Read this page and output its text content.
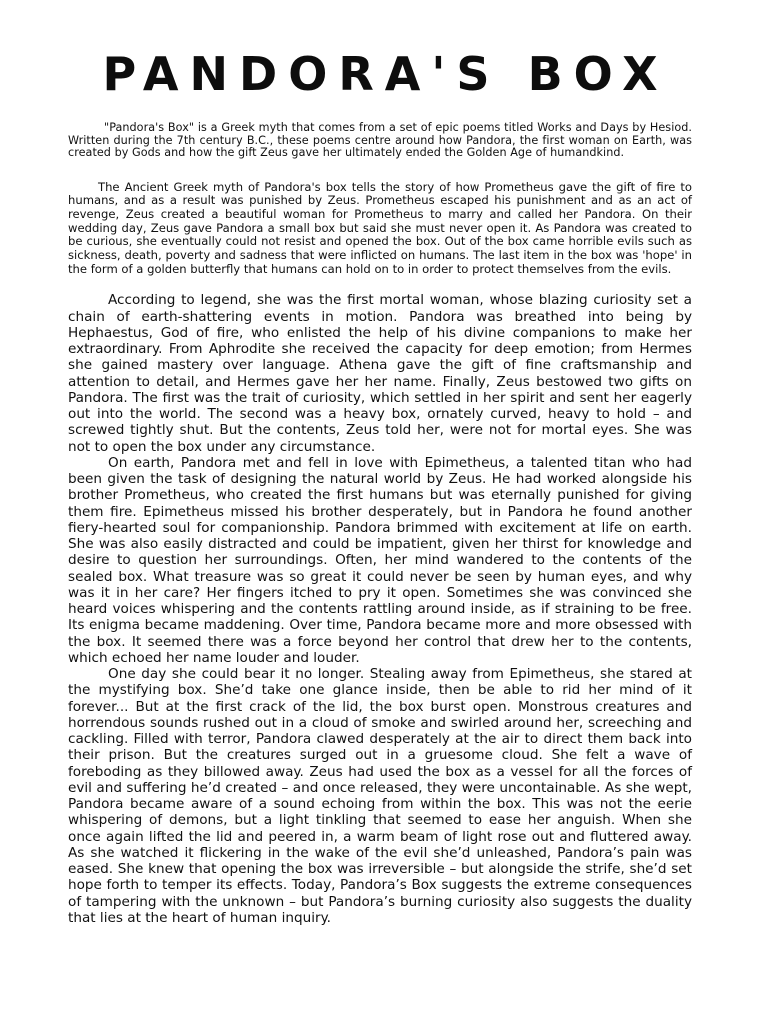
PANDORA'S BOX

"Pandora's Box" is a Greek myth that comes from a set of epic poems titled Works and Days by Hesiod. Written during the 7th century B.C., these poems centre around how Pandora, the first woman on Earth, was created by Gods and how the gift Zeus gave her ultimately ended the Golden Age of humandkind.

The Ancient Greek myth of Pandora's box tells the story of how Prometheus gave the gift of fire to humans, and as a result was punished by Zeus. Prometheus escaped his punishment and as an act of revenge, Zeus created a beautiful woman for Prometheus to marry and called her Pandora. On their wedding day, Zeus gave Pandora a small box but said she must never open it. As Pandora was created to be curious, she eventually could not resist and opened the box. Out of the box came horrible evils such as sickness, death, poverty and sadness that were inflicted on humans. The last item in the box was 'hope' in the form of a golden butterfly that humans can hold on to in order to protect themselves from the evils.

According to legend, she was the first mortal woman, whose blazing curiosity set a chain of earth-shattering events in motion. Pandora was breathed into being by Hephaestus, God of fire, who enlisted the help of his divine companions to make her extraordinary. From Aphrodite she received the capacity for deep emotion; from Hermes she gained mastery over language. Athena gave the gift of fine craftsmanship and attention to detail, and Hermes gave her her name. Finally, Zeus bestowed two gifts on Pandora. The first was the trait of curiosity, which settled in her spirit and sent her eagerly out into the world. The second was a heavy box, ornately curved, heavy to hold – and screwed tightly shut. But the contents, Zeus told her, were not for mortal eyes. She was not to open the box under any circumstance.

On earth, Pandora met and fell in love with Epimetheus, a talented titan who had been given the task of designing the natural world by Zeus. He had worked alongside his brother Prometheus, who created the first humans but was eternally punished for giving them fire. Epimetheus missed his brother desperately, but in Pandora he found another fiery-hearted soul for companionship. Pandora brimmed with excitement at life on earth. She was also easily distracted and could be impatient, given her thirst for knowledge and desire to question her surroundings. Often, her mind wandered to the contents of the sealed box. What treasure was so great it could never be seen by human eyes, and why was it in her care? Her fingers itched to pry it open. Sometimes she was convinced she heard voices whispering and the contents rattling around inside, as if straining to be free. Its enigma became maddening. Over time, Pandora became more and more obsessed with the box. It seemed there was a force beyond her control that drew her to the contents, which echoed her name louder and louder.

One day she could bear it no longer. Stealing away from Epimetheus, she stared at the mystifying box. She’d take one glance inside, then be able to rid her mind of it forever... But at the first crack of the lid, the box burst open. Monstrous creatures and horrendous sounds rushed out in a cloud of smoke and swirled around her, screeching and cackling. Filled with terror, Pandora clawed desperately at the air to direct them back into their prison. But the creatures surged out in a gruesome cloud. She felt a wave of foreboding as they billowed away. Zeus had used the box as a vessel for all the forces of evil and suffering he’d created – and once released, they were uncontainable. As she wept, Pandora became aware of a sound echoing from within the box. This was not the eerie whispering of demons, but a light tinkling that seemed to ease her anguish. When she once again lifted the lid and peered in, a warm beam of light rose out and fluttered away. As she watched it flickering in the wake of the evil she’d unleashed, Pandora’s pain was eased. She knew that opening the box was irreversible – but alongside the strife, she’d set hope forth to temper its effects. Today, Pandora’s Box suggests the extreme consequences of tampering with the unknown – but Pandora’s burning curiosity also suggests the duality that lies at the heart of human inquiry.
